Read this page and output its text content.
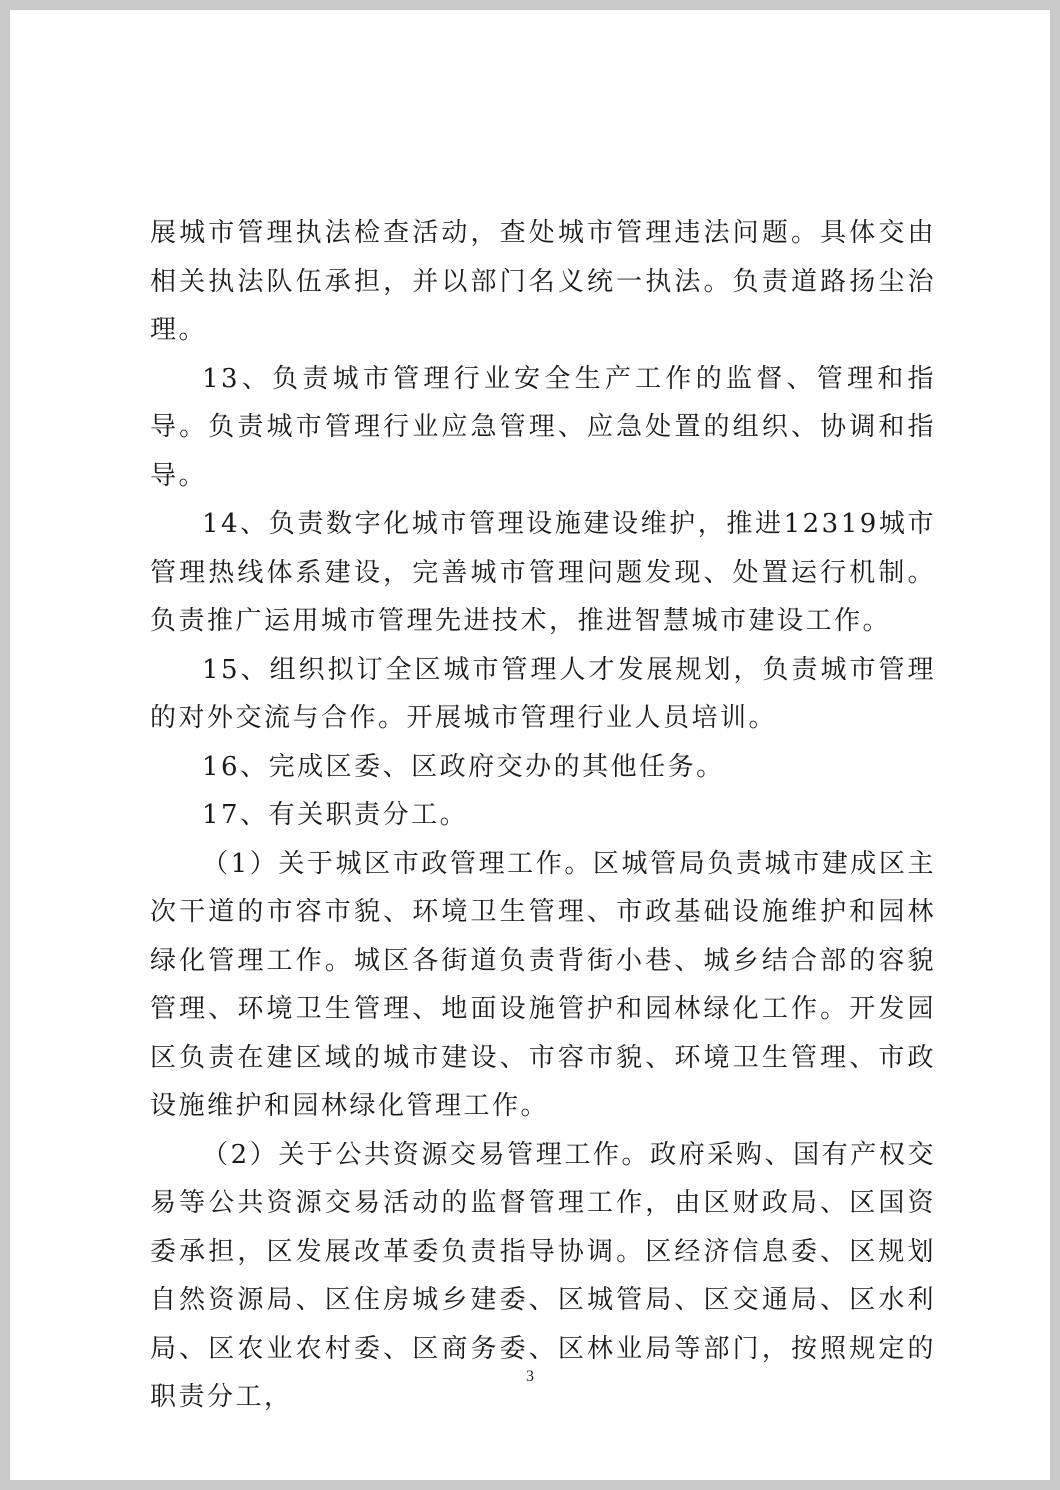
展城市管理执法检查活动，查处城市管理违法问题。具体交由相关执法队伍承担，并以部门名义统一执法。负责道路扬尘治理。

13、负责城市管理行业安全生产工作的监督、管理和指导。负责城市管理行业应急管理、应急处置的组织、协调和指导。

14、负责数字化城市管理设施建设维护，推进12319城市管理热线体系建设，完善城市管理问题发现、处置运行机制。负责推广运用城市管理先进技术，推进智慧城市建设工作。

15、组织拟订全区城市管理人才发展规划，负责城市管理的对外交流与合作。开展城市管理行业人员培训。

16、完成区委、区政府交办的其他任务。

17、有关职责分工。

（1）关于城区市政管理工作。区城管局负责城市建成区主次干道的市容市貌、环境卫生管理、市政基础设施维护和园林绿化管理工作。城区各街道负责背街小巷、城乡结合部的容貌管理、环境卫生管理、地面设施管护和园林绿化工作。开发园区负责在建区域的城市建设、市容市貌、环境卫生管理、市政设施维护和园林绿化管理工作。

（2）关于公共资源交易管理工作。政府采购、国有产权交易等公共资源交易活动的监督管理工作，由区财政局、区国资委承担，区发展改革委负责指导协调。区经济信息委、区规划自然资源局、区住房城乡建委、区城管局、区交通局、区水利局、区农业农村委、区商务委、区林业局等部门，按照规定的职责分工，

3
